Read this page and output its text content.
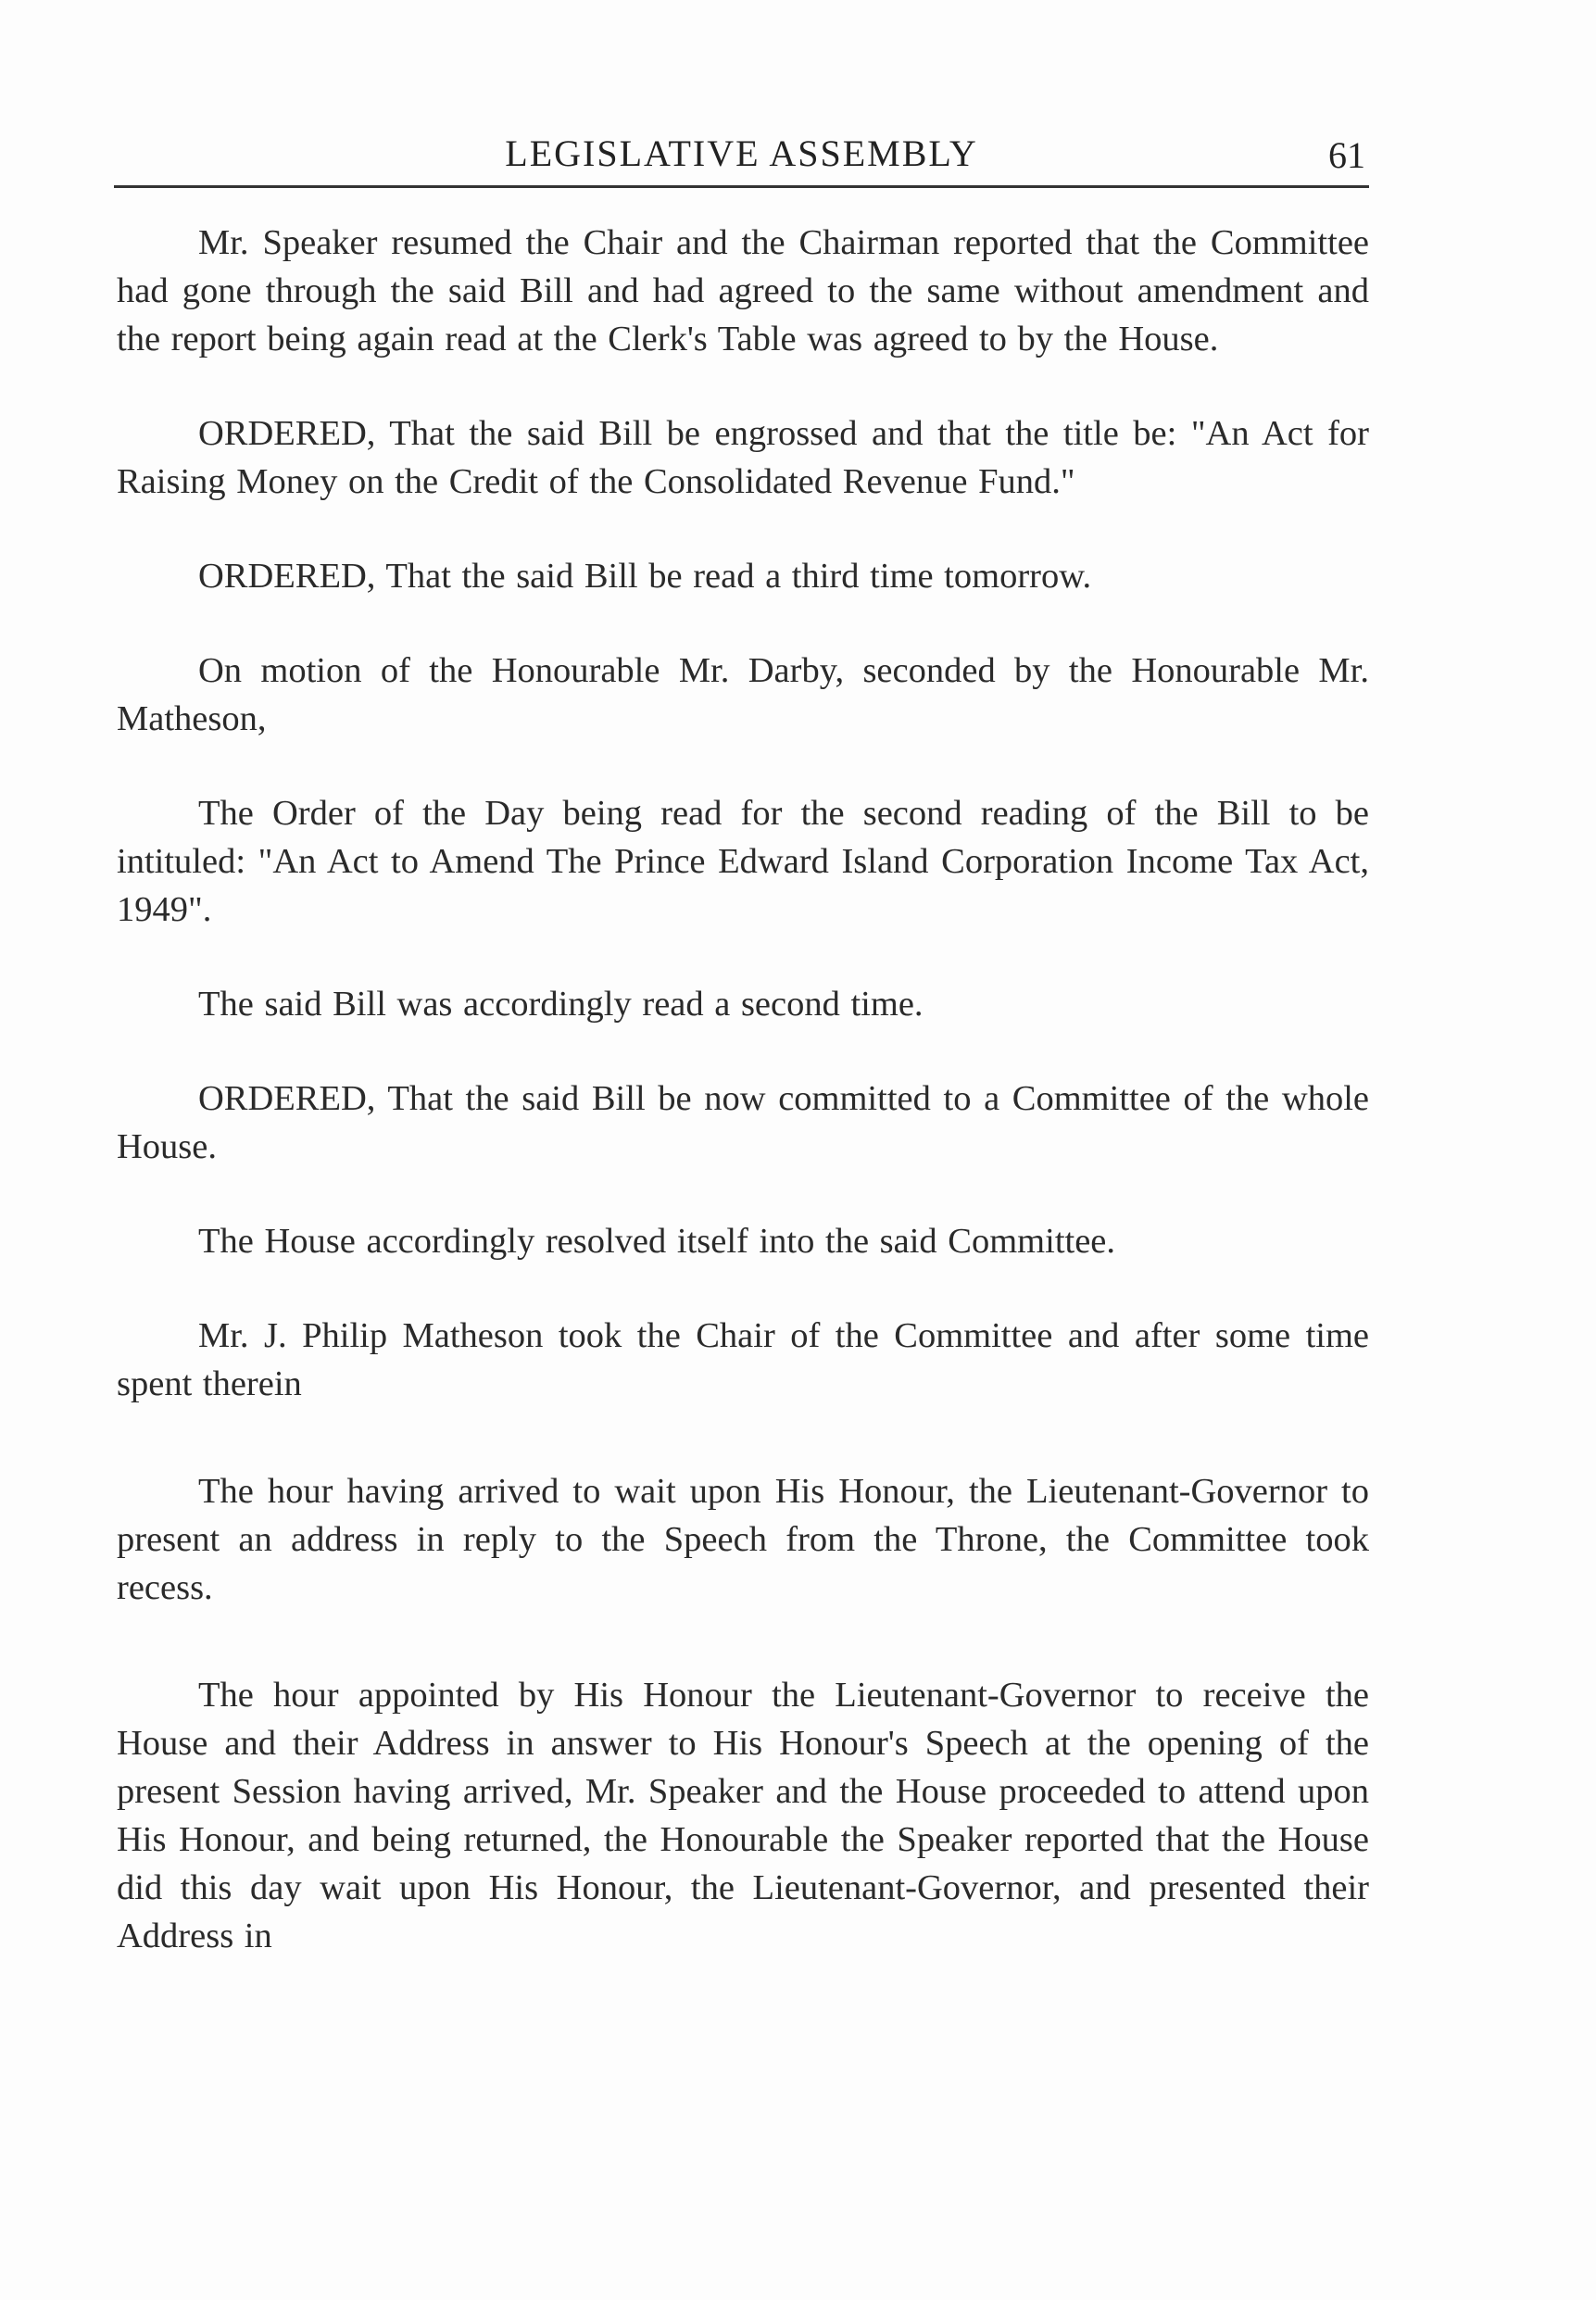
LEGISLATIVE ASSEMBLY	61

Mr. Speaker resumed the Chair and the Chairman reported that the Committee had gone through the said Bill and had agreed to the same without amendment and the report being again read at the Clerk's Table was agreed to by the House.

ORDERED, That the said Bill be engrossed and that the title be: "An Act for Raising Money on the Credit of the Consolidated Revenue Fund."

ORDERED, That the said Bill be read a third time tomorrow.

On motion of the Honourable Mr. Darby, seconded by the Honourable Mr. Matheson,

The Order of the Day being read for the second reading of the Bill to be intituled: "An Act to Amend The Prince Edward Island Corporation Income Tax Act, 1949".

The said Bill was accordingly read a second time.

ORDERED, That the said Bill be now committed to a Committee of the whole House.

The House accordingly resolved itself into the said Committee.

Mr. J. Philip Matheson took the Chair of the Committee and after some time spent therein

The hour having arrived to wait upon His Honour, the Lieutenant-Governor to present an address in reply to the Speech from the Throne, the Committee took recess.

The hour appointed by His Honour the Lieutenant-Governor to receive the House and their Address in answer to His Honour's Speech at the opening of the present Session having arrived, Mr. Speaker and the House proceeded to attend upon His Honour, and being returned, the Honourable the Speaker reported that the House did this day wait upon His Honour, the Lieutenant-Governor, and presented their Address in
